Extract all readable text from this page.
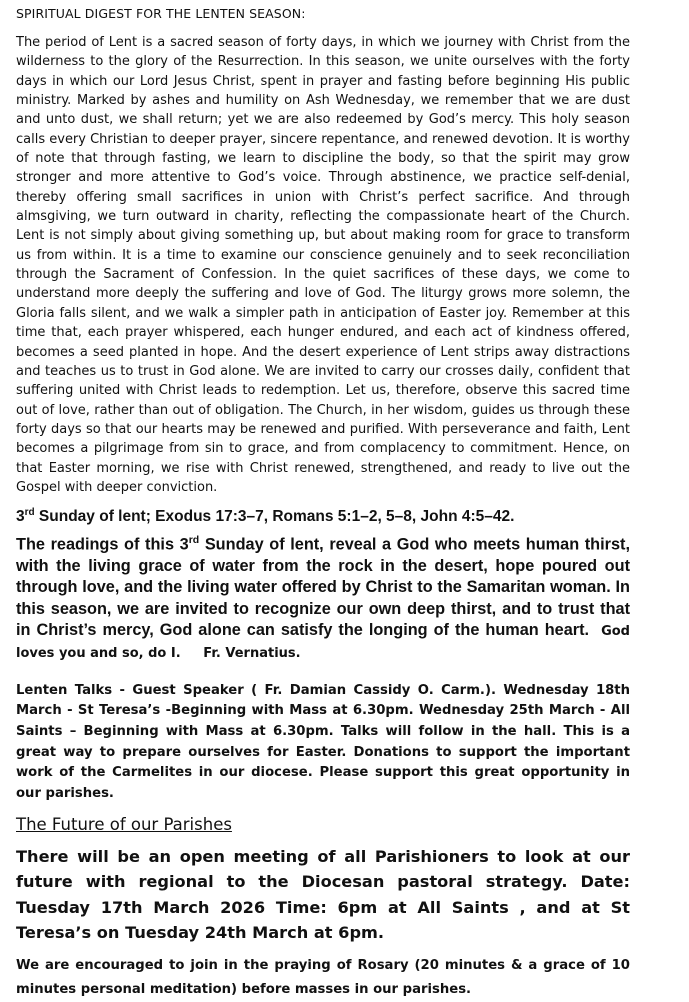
SPIRITUAL DIGEST FOR THE LENTEN SEASON:

The period of Lent is a sacred season of forty days, in which we journey with Christ from the wilderness to the glory of the Resurrection. In this season, we unite ourselves with the forty days in which our Lord Jesus Christ, spent in prayer and fasting before beginning His public ministry. Marked by ashes and humility on Ash Wednesday, we remember that we are dust and unto dust, we shall return; yet we are also redeemed by God’s mercy. This holy season calls every Christian to deeper prayer, sincere repentance, and renewed devotion. It is worthy of note that through fasting, we learn to discipline the body, so that the spirit may grow stronger and more attentive to God’s voice. Through abstinence, we practice self-denial, thereby offering small sacrifices in union with Christ’s perfect sacrifice. And through almsgiving, we turn outward in charity, reflecting the compassionate heart of the Church. Lent is not simply about giving something up, but about making room for grace to transform us from within. It is a time to examine our conscience genuinely and to seek reconciliation through the Sacrament of Confession. In the quiet sacrifices of these days, we come to understand more deeply the suffering and love of God. The liturgy grows more solemn, the Gloria falls silent, and we walk a simpler path in anticipation of Easter joy. Remember at this time that, each prayer whispered, each hunger endured, and each act of kindness offered, becomes a seed planted in hope. And the desert experience of Lent strips away distractions and teaches us to trust in God alone. We are invited to carry our crosses daily, confident that suffering united with Christ leads to redemption. Let us, therefore, observe this sacred time out of love, rather than out of obligation. The Church, in her wisdom, guides us through these forty days so that our hearts may be renewed and purified. With perseverance and faith, Lent becomes a pilgrimage from sin to grace, and from complacency to commitment. Hence, on that Easter morning, we rise with Christ renewed, strengthened, and ready to live out the Gospel with deeper conviction.

3rd Sunday of lent; Exodus 17:3–7, Romans 5:1–2, 5–8, John 4:5–42.

The readings of this 3rd Sunday of lent, reveal a God who meets human thirst, with the living grace of water from the rock in the desert, hope poured out through love, and the living water offered by Christ to the Samaritan woman. In this season, we are invited to recognize our own deep thirst, and to trust that in Christ’s mercy, God alone can satisfy the longing of the human heart. God loves you and so, do I. Fr. Vernatius.

Lenten Talks - Guest Speaker ( Fr. Damian Cassidy O. Carm.). Wednesday 18th March - St Teresa’s -Beginning with Mass at 6.30pm. Wednesday 25th March - All Saints – Beginning with Mass at 6.30pm. Talks will follow in the hall. This is a great way to prepare ourselves for Easter. Donations to support the important work of the Carmelites in our diocese. Please support this great opportunity in our parishes.

The Future of our Parishes

There will be an open meeting of all Parishioners to look at our future with regional to the Diocesan pastoral strategy. Date: Tuesday 17th March 2026 Time: 6pm at All Saints , and at St Teresa’s on Tuesday 24th March at 6pm.

We are encouraged to join in the praying of Rosary (20 minutes & a grace of 10 minutes personal meditation) before masses in our parishes.
